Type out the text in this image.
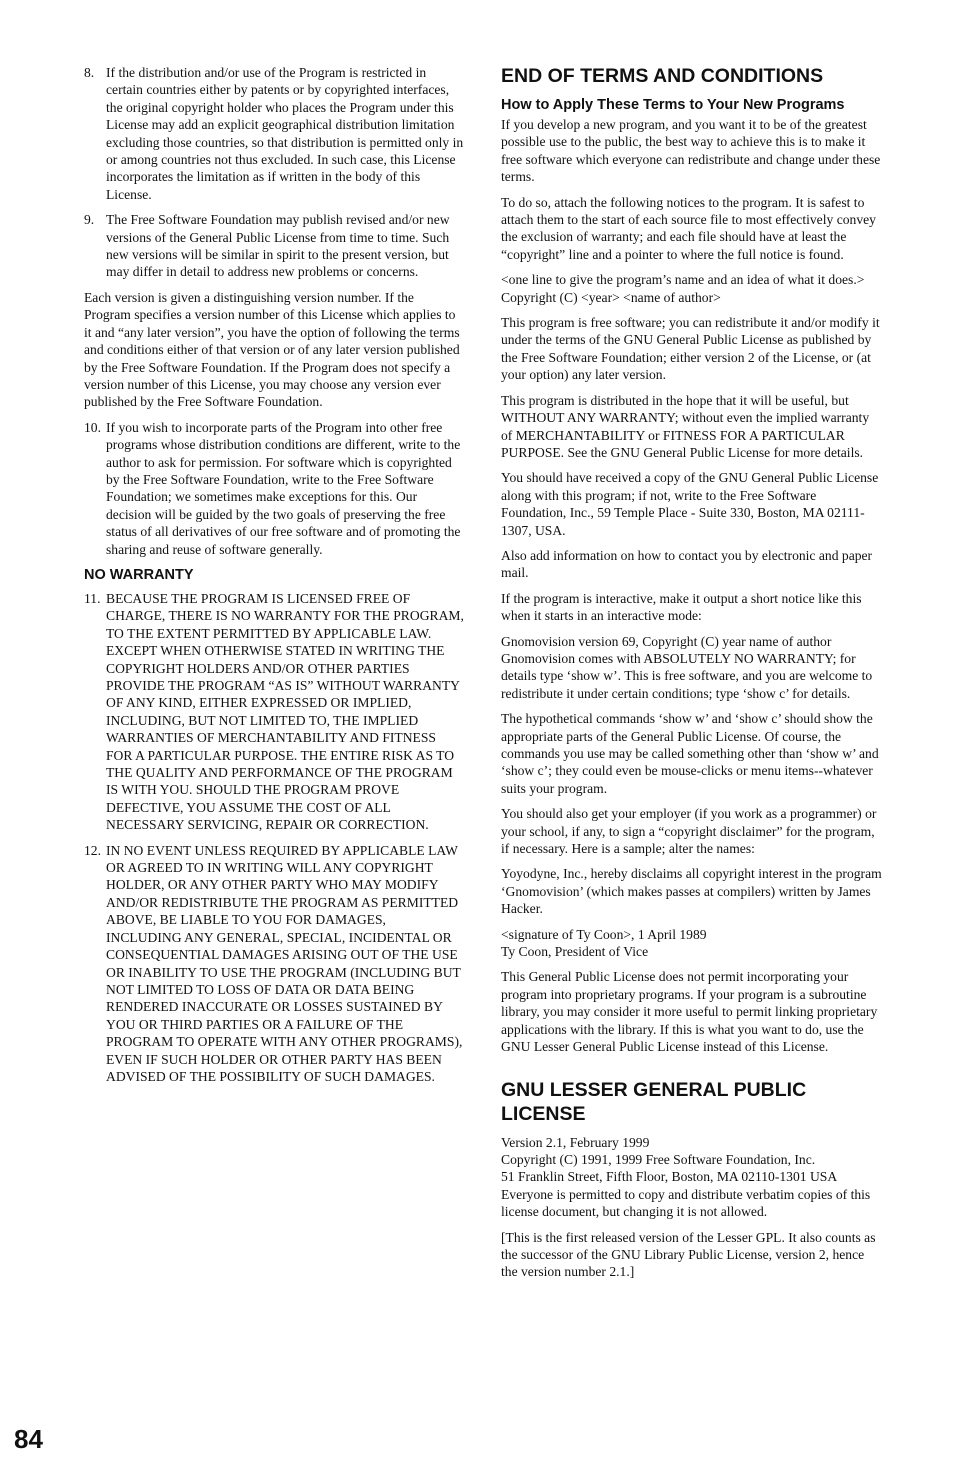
8. If the distribution and/or use of the Program is restricted in certain countries either by patents or by copyrighted interfaces, the original copyright holder who places the Program under this License may add an explicit geographical distribution limitation excluding those countries, so that distribution is permitted only in or among countries not thus excluded. In such case, this License incorporates the limitation as if written in the body of this License.
9. The Free Software Foundation may publish revised and/or new versions of the General Public License from time to time. Such new versions will be similar in spirit to the present version, but may differ in detail to address new problems or concerns.

Each version is given a distinguishing version number. If the Program specifies a version number of this License which applies to it and “any later version”, you have the option of following the terms and conditions either of that version or of any later version published by the Free Software Foundation. If the Program does not specify a version number of this License, you may choose any version ever published by the Free Software Foundation.

10. If you wish to incorporate parts of the Program into other free programs whose distribution conditions are different, write to the author to ask for permission. For software which is copyrighted by the Free Software Foundation, write to the Free Software Foundation; we sometimes make exceptions for this. Our decision will be guided by the two goals of preserving the free status of all derivatives of our free software and of promoting the sharing and reuse of software generally.
NO WARRANTY
11. BECAUSE THE PROGRAM IS LICENSED FREE OF CHARGE, THERE IS NO WARRANTY FOR THE PROGRAM, TO THE EXTENT PERMITTED BY APPLICABLE LAW. EXCEPT WHEN OTHERWISE STATED IN WRITING THE COPYRIGHT HOLDERS AND/OR OTHER PARTIES PROVIDE THE PROGRAM “AS IS” WITHOUT WARRANTY OF ANY KIND, EITHER EXPRESSED OR IMPLIED, INCLUDING, BUT NOT LIMITED TO, THE IMPLIED WARRANTIES OF MERCHANTABILITY AND FITNESS FOR A PARTICULAR PURPOSE. THE ENTIRE RISK AS TO THE QUALITY AND PERFORMANCE OF THE PROGRAM IS WITH YOU. SHOULD THE PROGRAM PROVE DEFECTIVE, YOU ASSUME THE COST OF ALL NECESSARY SERVICING, REPAIR OR CORRECTION.
12. IN NO EVENT UNLESS REQUIRED BY APPLICABLE LAW OR AGREED TO IN WRITING WILL ANY COPYRIGHT HOLDER, OR ANY OTHER PARTY WHO MAY MODIFY AND/OR REDISTRIBUTE THE PROGRAM AS PERMITTED ABOVE, BE LIABLE TO YOU FOR DAMAGES, INCLUDING ANY GENERAL, SPECIAL, INCIDENTAL OR CONSEQUENTIAL DAMAGES ARISING OUT OF THE USE OR INABILITY TO USE THE PROGRAM (INCLUDING BUT NOT LIMITED TO LOSS OF DATA OR DATA BEING RENDERED INACCURATE OR LOSSES SUSTAINED BY YOU OR THIRD PARTIES OR A FAILURE OF THE PROGRAM TO OPERATE WITH ANY OTHER PROGRAMS), EVEN IF SUCH HOLDER OR OTHER PARTY HAS BEEN ADVISED OF THE POSSIBILITY OF SUCH DAMAGES.
END OF TERMS AND CONDITIONS
How to Apply These Terms to Your New Programs

If you develop a new program, and you want it to be of the greatest possible use to the public, the best way to achieve this is to make it free software which everyone can redistribute and change under these terms.

To do so, attach the following notices to the program. It is safest to attach them to the start of each source file to most effectively convey the exclusion of warranty; and each file should have at least the “copyright” line and a pointer to where the full notice is found.

<one line to give the program’s name and an idea of what it does.>
Copyright (C) <year> <name of author>

This program is free software; you can redistribute it and/or modify it under the terms of the GNU General Public License as published by the Free Software Foundation; either version 2 of the License, or (at your option) any later version.

This program is distributed in the hope that it will be useful, but WITHOUT ANY WARRANTY; without even the implied warranty of MERCHANTABILITY or FITNESS FOR A PARTICULAR PURPOSE. See the GNU General Public License for more details.

You should have received a copy of the GNU General Public License along with this program; if not, write to the Free Software Foundation, Inc., 59 Temple Place - Suite 330, Boston, MA 02111-1307, USA.

Also add information on how to contact you by electronic and paper mail.

If the program is interactive, make it output a short notice like this when it starts in an interactive mode:

Gnomovision version 69, Copyright (C) year name of author Gnomovision comes with ABSOLUTELY NO WARRANTY; for details type ‘show w’. This is free software, and you are welcome to redistribute it under certain conditions; type ‘show c’ for details.

The hypothetical commands ‘show w’ and ‘show c’ should show the appropriate parts of the General Public License. Of course, the commands you use may be called something other than ‘show w’ and ‘show c’; they could even be mouse-clicks or menu items--whatever suits your program.

You should also get your employer (if you work as a programmer) or your school, if any, to sign a “copyright disclaimer” for the program, if necessary. Here is a sample; alter the names:

Yoyodyne, Inc., hereby disclaims all copyright interest in the program ‘Gnomovision’ (which makes passes at compilers) written by James Hacker.

<signature of Ty Coon>, 1 April 1989
Ty Coon, President of Vice

This General Public License does not permit incorporating your program into proprietary programs. If your program is a subroutine library, you may consider it more useful to permit linking proprietary applications with the library. If this is what you want to do, use the GNU Lesser General Public License instead of this License.

GNU LESSER GENERAL PUBLIC LICENSE

Version 2.1, February 1999
Copyright (C) 1991, 1999 Free Software Foundation, Inc.
51 Franklin Street, Fifth Floor, Boston, MA 02110-1301 USA
Everyone is permitted to copy and distribute verbatim copies of this license document, but changing it is not allowed.

[This is the first released version of the Lesser GPL. It also counts as the successor of the GNU Library Public License, version 2, hence the version number 2.1.]

84
